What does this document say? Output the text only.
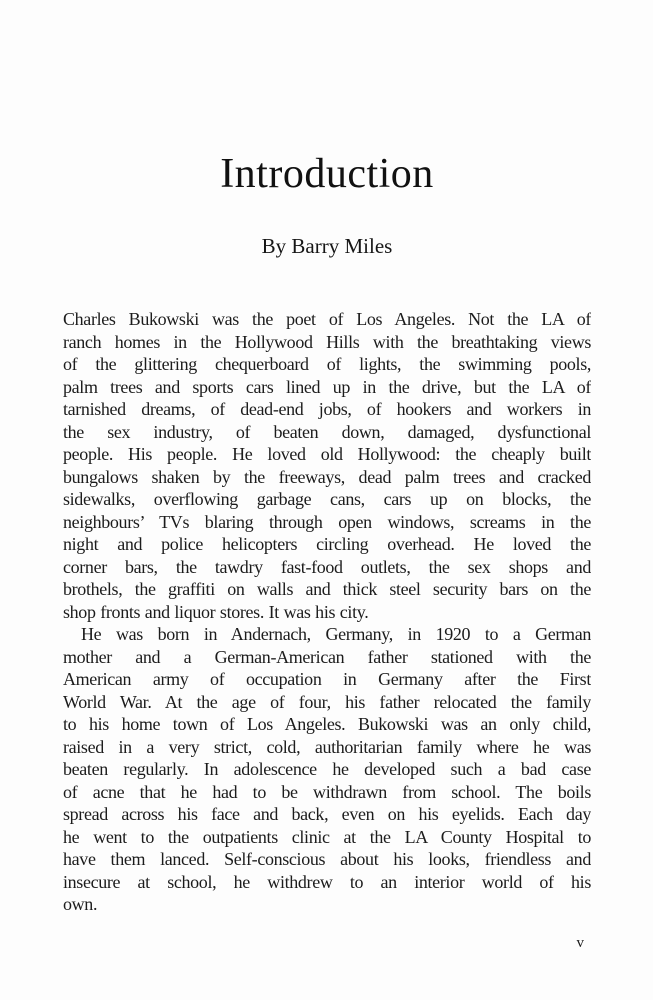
Introduction
By Barry Miles
Charles Bukowski was the poet of Los Angeles. Not the LA of
ranch homes in the Hollywood Hills with the breathtaking views
of the glittering chequerboard of lights, the swimming pools,
palm trees and sports cars lined up in the drive, but the LA of
tarnished dreams, of dead-end jobs, of hookers and workers in
the sex industry, of beaten down, damaged, dysfunctional
people. His people. He loved old Hollywood: the cheaply built
bungalows shaken by the freeways, dead palm trees and cracked
sidewalks, overflowing garbage cans, cars up on blocks, the
neighbours’ TVs blaring through open windows, screams in the
night and police helicopters circling overhead. He loved the
corner bars, the tawdry fast-food outlets, the sex shops and
brothels, the graffiti on walls and thick steel security bars on the
shop fronts and liquor stores. It was his city.
He was born in Andernach, Germany, in 1920 to a German
mother and a German-American father stationed with the
American army of occupation in Germany after the First
World War. At the age of four, his father relocated the family
to his home town of Los Angeles. Bukowski was an only child,
raised in a very strict, cold, authoritarian family where he was
beaten regularly. In adolescence he developed such a bad case
of acne that he had to be withdrawn from school. The boils
spread across his face and back, even on his eyelids. Each day
he went to the outpatients clinic at the LA County Hospital to
have them lanced. Self-conscious about his looks, friendless and
insecure at school, he withdrew to an interior world of his
own.
v
